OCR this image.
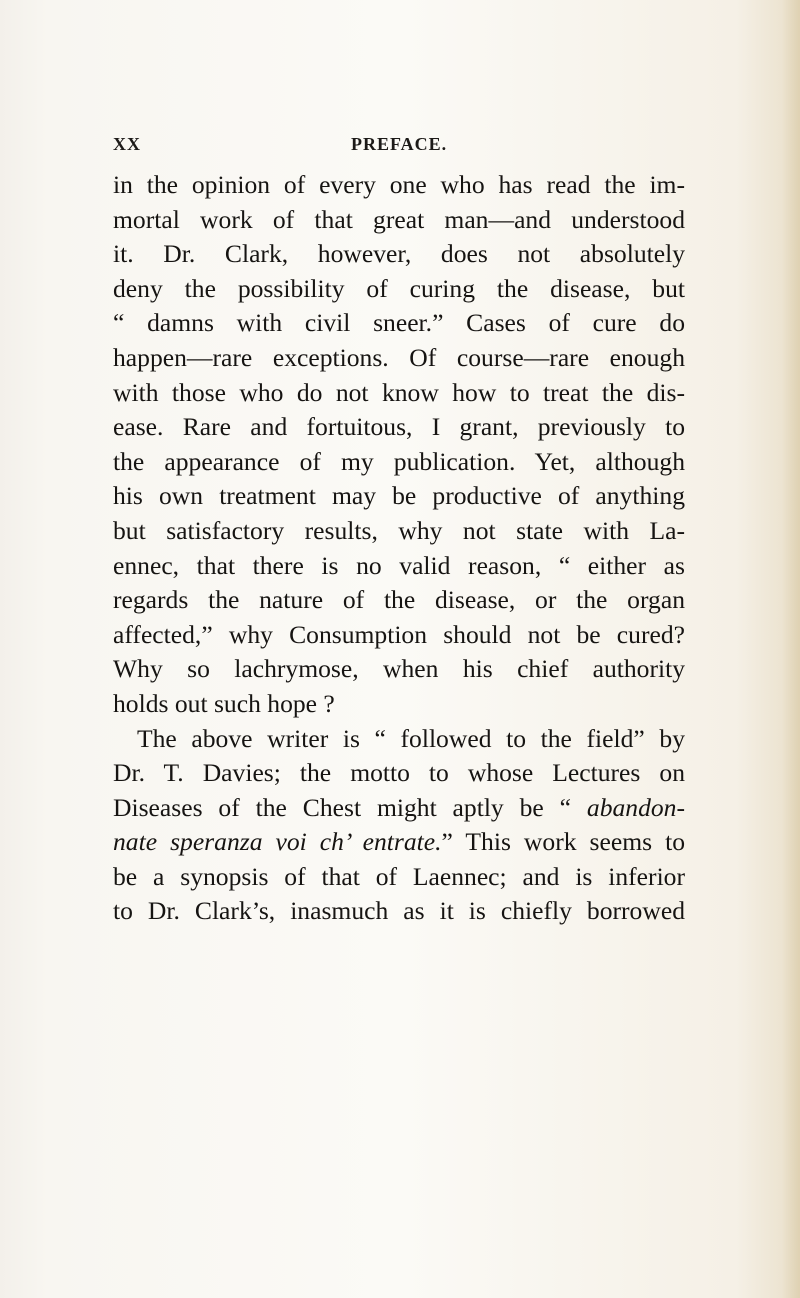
XX	PREFACE.
in the opinion of every one who has read the im-
mortal work of that great man—and understood
it. Dr. Clark, however, does not absolutely
deny the possibility of curing the disease, but
“ damns with civil sneer.” Cases of cure do
happen—rare exceptions. Of course—rare enough
with those who do not know how to treat the dis-
ease. Rare and fortuitous, I grant, previously to
the appearance of my publication. Yet, although
his own treatment may be productive of anything
but satisfactory results, why not state with La-
ennec, that there is no valid reason, “ either as
regards the nature of the disease, or the organ
affected,” why Consumption should not be cured?
Why so lachrymose, when his chief authority
holds out such hope ?
The above writer is “ followed to the field” by
Dr. T. Davies; the motto to whose Lectures on
Diseases of the Chest might aptly be “ abandon-
nate speranza voi ch’ entrate.” This work seems to
be a synopsis of that of Laennec; and is inferior
to Dr. Clark’s, inasmuch as it is chiefly borrowed
